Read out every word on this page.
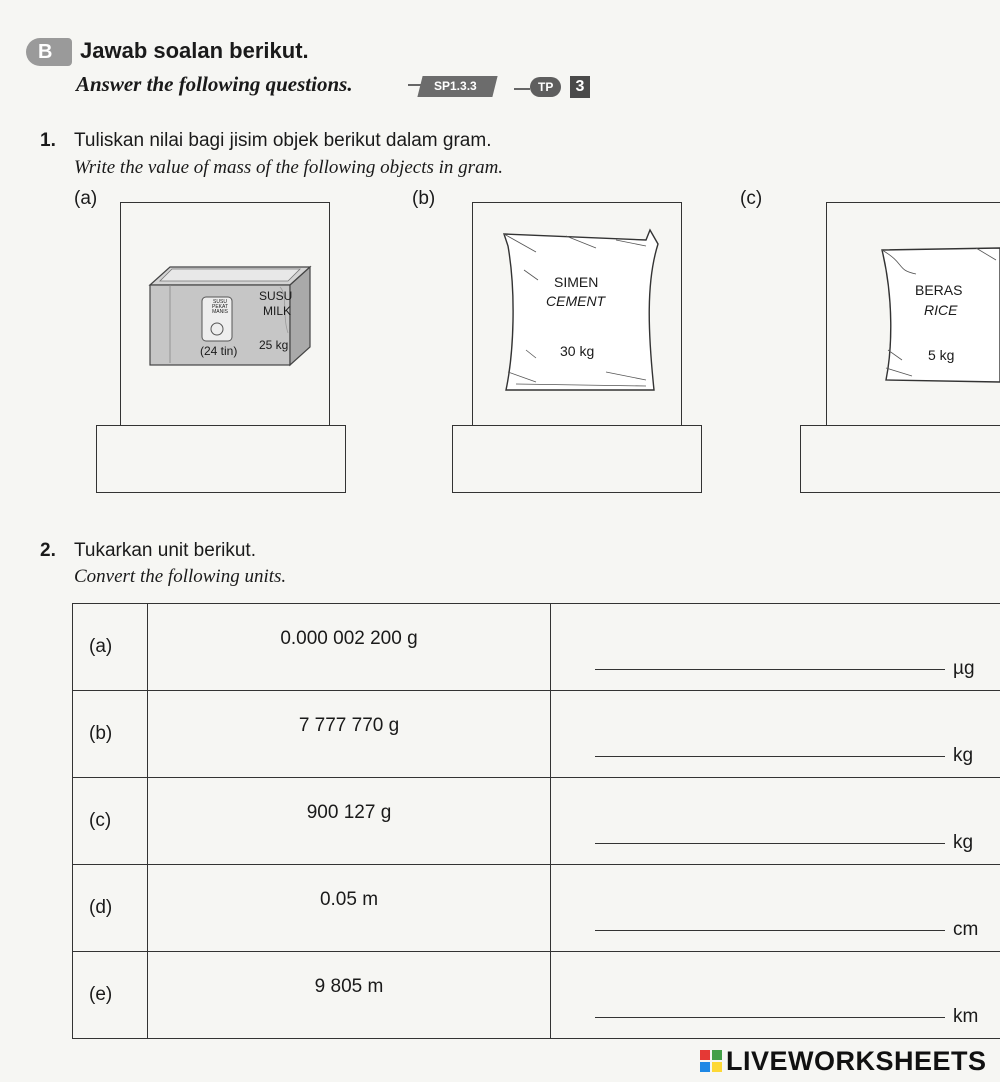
B Jawab soalan berikut.
Answer the following questions.	SP1.3.3	TP	3
1. Tuliskan nilai bagi jisim objek berikut dalam gram.
Write the value of mass of the following objects in gram.
(a)	(b)	(c)
SUSU PEKAT MANIS
SUSU
MILK
(24 tin) 25 kg
SIMEN
CEMENT
30 kg
BERAS
RICE
5 kg
2. Tukarkan unit berikut.
Convert the following units.
(a)	0.000 002 200 g	µg

(b)	7 777 770 g	kg

(c)	900 127 g	kg

(d)	0.05 m	cm

(e)	9 805 m	km
LIVEWORKSHEETS
